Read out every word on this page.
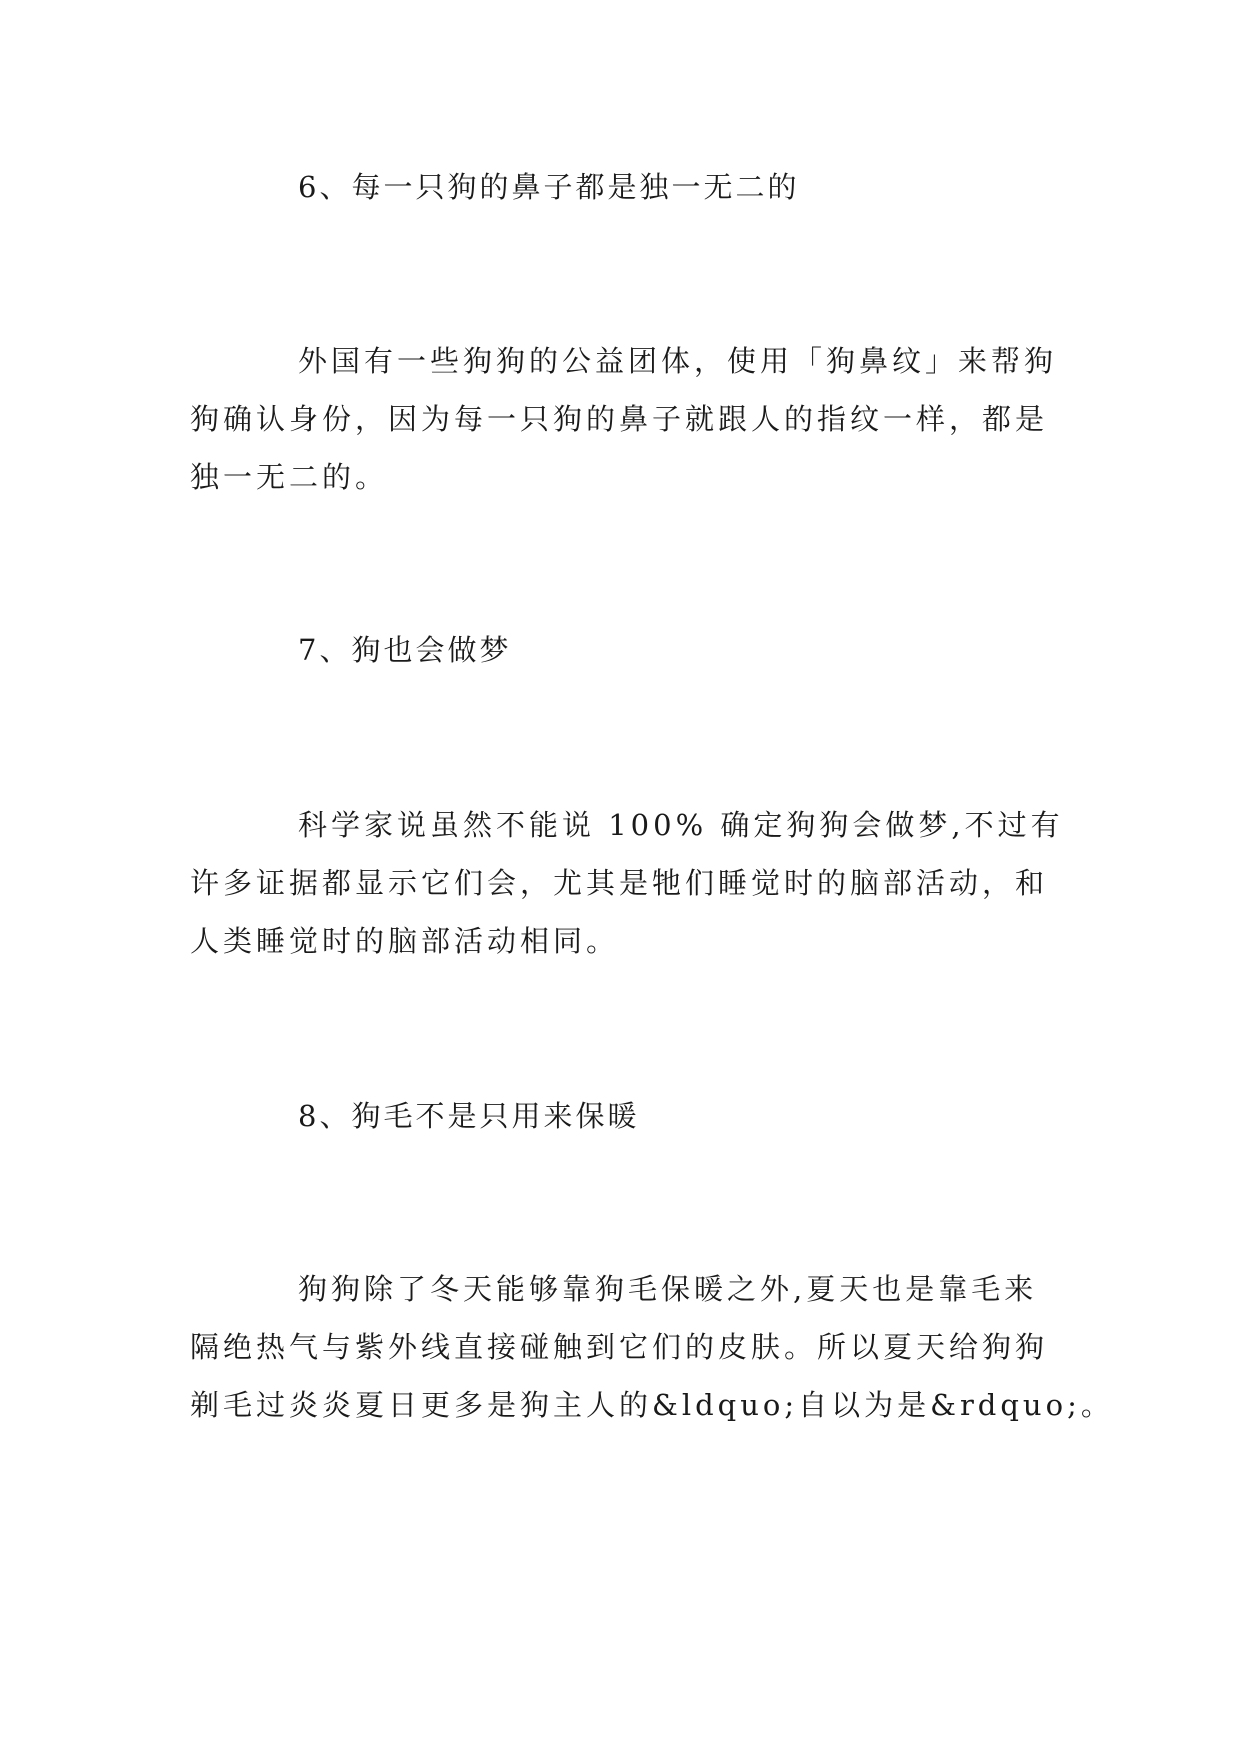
6、每一只狗的鼻子都是独一无二的
外国有一些狗狗的公益团体，使用「狗鼻纹」来帮狗
狗确认身份，因为每一只狗的鼻子就跟人的指纹一样，都是
独一无二的。
7、狗也会做梦
科学家说虽然不能说 100% 确定狗狗会做梦,不过有
许多证据都显示它们会，尤其是牠们睡觉时的脑部活动，和
人类睡觉时的脑部活动相同。
8、狗毛不是只用来保暖
狗狗除了冬天能够靠狗毛保暖之外,夏天也是靠毛来
隔绝热气与紫外线直接碰触到它们的皮肤。所以夏天给狗狗
剃毛过炎炎夏日更多是狗主人的&ldquo;自以为是&rdquo;。
